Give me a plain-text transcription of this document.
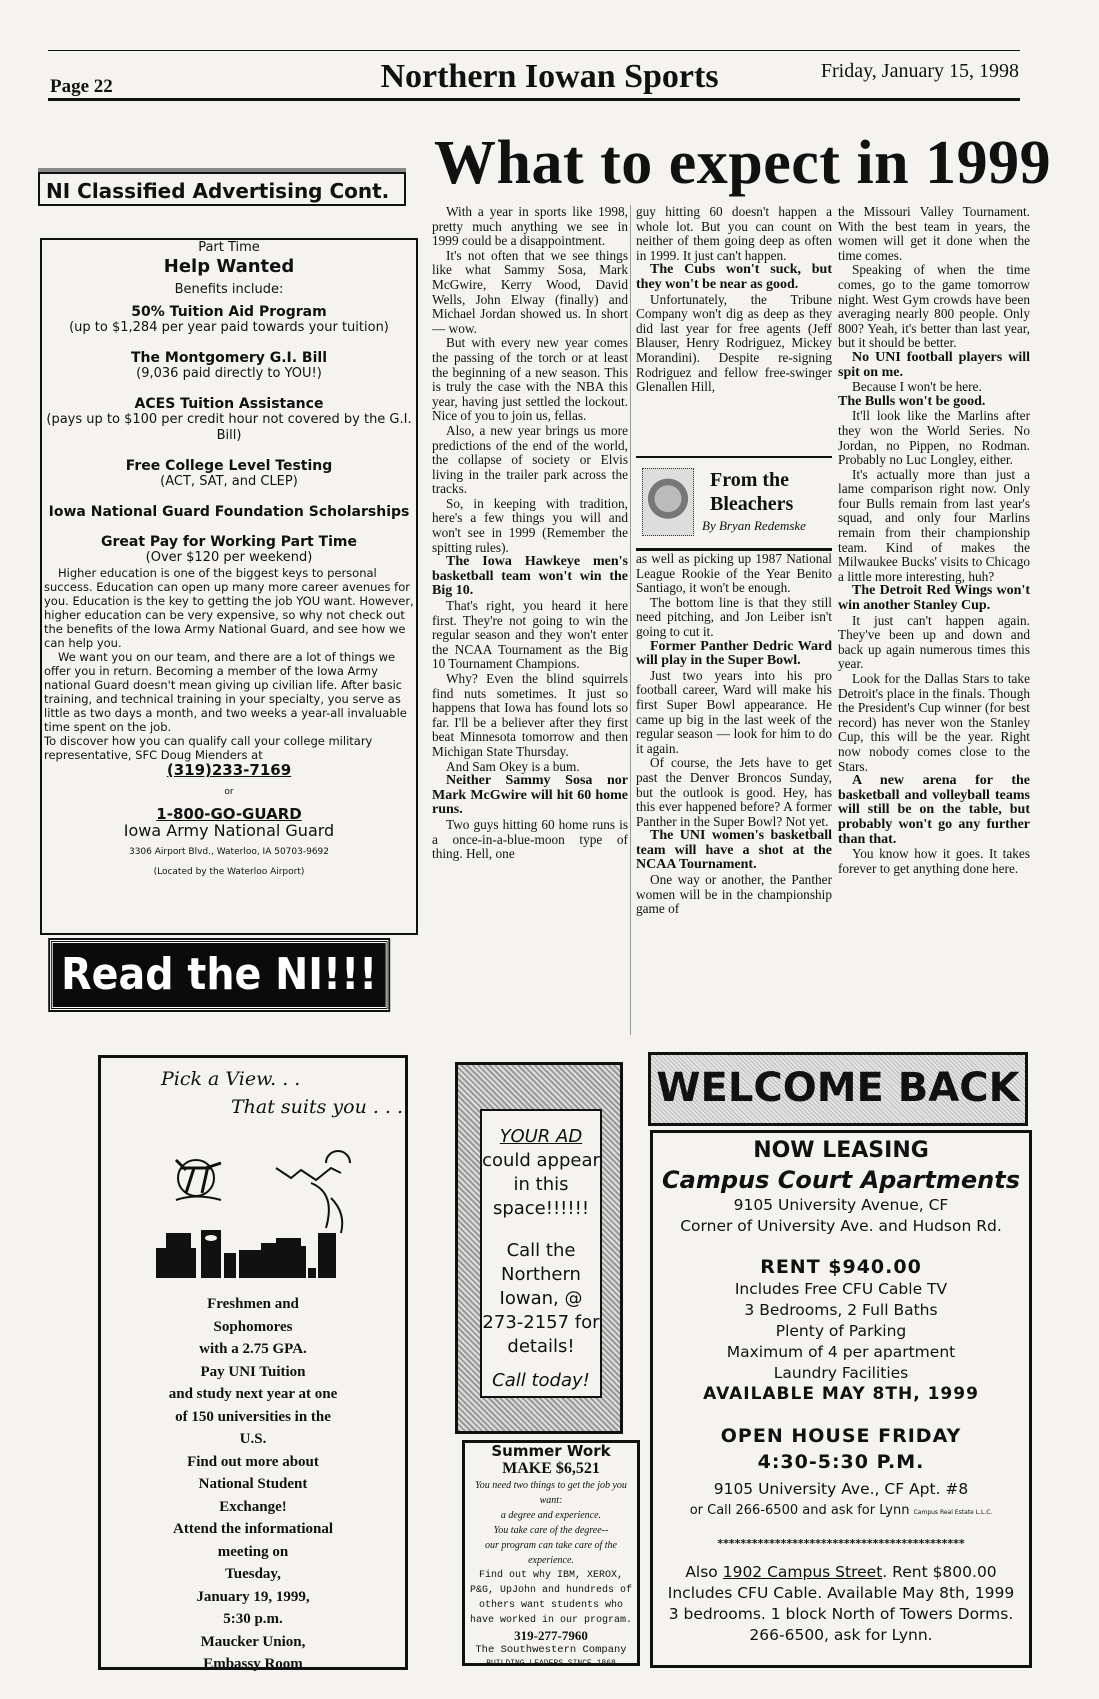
Northern Iowan Sports
Page 22
Friday, January 15, 1998
What to expect in 1999

With a year in sports like 1998, pretty much anything we see in 1999 could be a disappointment.

It's not often that we see things like what Sammy Sosa, Mark McGwire, Kerry Wood, David Wells, John Elway (finally) and Michael Jordan showed us. In short — wow.

But with every new year comes the passing of the torch or at least the beginning of a new season. This is truly the case with the NBA this year, having just settled the lockout. Nice of you to join us, fellas.

Also, a new year brings us more predictions of the end of the world, the collapse of society or Elvis living in the trailer park across the tracks.

So, in keeping with tradition, here's a few things you will and won't see in 1999 (Remember the spitting rules).

The Iowa Hawkeye men's basketball team won't win the Big 10.

That's right, you heard it here first. They're not going to win the regular season and they won't enter the NCAA Tournament as the Big 10 Tournament Champions.

Why? Even the blind squirrels find nuts sometimes. It just so happens that Iowa has found lots so far. I'll be a believer after they first beat Minnesota tomorrow and then Michigan State Thursday.

And Sam Okey is a bum.

Neither Sammy Sosa nor Mark McGwire will hit 60 home runs.

Two guys hitting 60 home runs is a once-in-a-blue-moon type of thing. Hell, one

guy hitting 60 doesn't happen a whole lot. But you can count on neither of them going deep as often in 1999. It just can't happen.

The Cubs won't suck, but they won't be near as good.

Unfortunately, the Tribune Company won't dig as deep as they did last year for free agents (Jeff Blauser, Henry Rodriguez, Mickey Morandini). Despite re-signing Rodriguez and fellow free-swinger Glenallen Hill,

as well as picking up 1987 National League Rookie of the Year Benito Santiago, it won't be enough.

The bottom line is that they still need pitching, and Jon Leiber isn't going to cut it.

Former Panther Dedric Ward will play in the Super Bowl.

Just two years into his pro football career, Ward will make his first Super Bowl appearance. He came up big in the last week of the regular season — look for him to do it again.

Of course, the Jets have to get past the Denver Broncos Sunday, but the outlook is good. Hey, has this ever happened before? A former Panther in the Super Bowl? Not yet.

The UNI women's basketball team will have a shot at the NCAA Tournament.

One way or another, the Panther women will be in the championship game of

the Missouri Valley Tournament. With the best team in years, the women will get it done when the time comes.

Speaking of when the time comes, go to the game tomorrow night. West Gym crowds have been averaging nearly 800 people. Only 800? Yeah, it's better than last year, but it should be better.

No UNI football players will spit on me.

Because I won't be here.

The Bulls won't be good.

It'll look like the Marlins after they won the World Series. No Jordan, no Pippen, no Rodman. Probably no Luc Longley, either.

It's actually more than just a lame comparison right now. Only four Bulls remain from last year's squad, and only four Marlins remain from their championship team. Kind of makes the Milwaukee Bucks' visits to Chicago a little more interesting, huh?

The Detroit Red Wings won't win another Stanley Cup.

It just can't happen again. They've been up and down and back up again numerous times this year.

Look for the Dallas Stars to take Detroit's place in the finals. Though the President's Cup winner (for best record) has never won the Stanley Cup, this will be the year. Right now nobody comes close to the Stars.

A new arena for the basketball and volleyball teams will still be on the table, but probably won't go any further than that.

You know how it goes. It takes forever to get anything done here.

From the Bleachers
By Bryan Redemske
NI Classified Advertising Cont.
Part Time
Help Wanted
Benefits include:
50% Tuition Aid Program
(up to $1,284 per year paid towards your tuition)
The Montgomery G.I. Bill
(9,036 paid directly to YOU!)
ACES Tuition Assistance
(pays up to $100 per credit hour not covered by the G.I. Bill)
Free College Level Testing
(ACT, SAT, and CLEP)
Iowa National Guard Foundation Scholarships
Great Pay for Working Part Time
(Over $120 per weekend)

Higher education is one of the biggest keys to personal success. Education can open up many more career avenues for you. Education is the key to getting the job YOU want. However, higher education can be very expensive, so why not check out the benefits of the Iowa Army National Guard, and see how we can help you.

We want you on our team, and there are a lot of things we offer you in return. Becoming a member of the Iowa Army national Guard doesn't mean giving up civilian life. After basic training, and technical training in your specialty, you serve as little as two days a month, and two weeks a year-all invaluable time spent on the job.

To discover how you can qualify call your college military representative, SFC Doug Mienders at

(319)233-7169
or
1-800-GO-GUARD
Iowa Army National Guard
3306 Airport Blvd., Waterloo, IA 50703-9692
(Located by the Waterloo Airport)
Read the NI!!!
Pick a View. . .
That suits you . . .
Freshmen and
Sophomores
with a 2.75 GPA.
Pay UNI Tuition
and study next year at one
of 150 universities in the
U.S.
Find out more about
National Student
Exchange!
Attend the informational
meeting on
Tuesday,
January 19, 1999,
5:30 p.m.
Maucker Union,
Embassy Room
YOUR AD
could appear in this space!!!!!!
Call the Northern Iowan, @ 273-2157 for details!
Call today!
Summer Work
MAKE $6,521
You need two things to get the job you want:
a degree and experience.
You take care of the degree--
our program can take care of the experience.
Find out why IBM, XEROX, P&G, UpJohn and hundreds of others want students who have worked in our program.
319-277-7960
The Southwestern Company
BUILDING LEADERS SINCE 1868
WELCOME BACK
NOW LEASING
Campus Court Apartments
9105 University Avenue, CF
Corner of University Ave. and Hudson Rd.
RENT $940.00
Includes Free CFU Cable TV
3 Bedrooms, 2 Full Baths
Plenty of Parking
Maximum of 4 per apartment
Laundry Facilities
AVAILABLE MAY 8TH, 1999
OPEN HOUSE FRIDAY
4:30-5:30 P.M.
9105 University Ave., CF Apt. #8
or Call 266-6500 and ask for Lynn Campus Real Estate L.L.C.
*******************************************
Also 1902 Campus Street. Rent $800.00
Includes CFU Cable. Available May 8th, 1999
3 bedrooms. 1 block North of Towers Dorms.
266-6500, ask for Lynn.
